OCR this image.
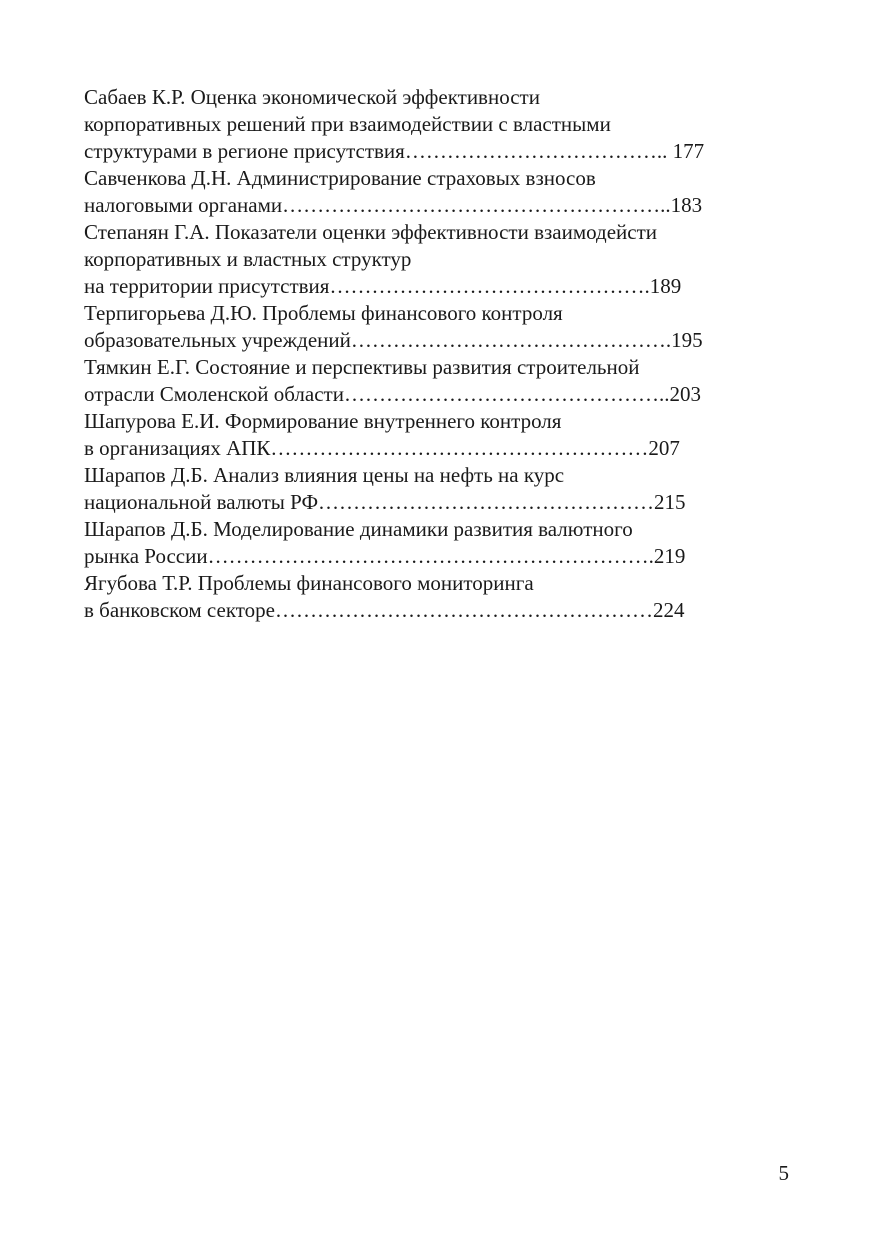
Сабаев К.Р. Оценка экономической эффективности
корпоративных решений при взаимодействии с властными
структурами в регионе присутствия……………………………….. 177
Савченкова Д.Н. Администрирование страховых взносов
налоговыми органами………………………………………………..183
Степанян Г.А. Показатели оценки эффективности взаимодейсти
корпоративных и властных структур
на территории присутствия……………………………………….189
Терпигорьева Д.Ю. Проблемы финансового контроля
образовательных учреждений……………………………………….195
Тямкин Е.Г. Состояние и перспективы развития строительной
отрасли Смоленской области………………………………………..203
Шапурова Е.И. Формирование внутреннего контроля
в организациях АПК………………………………………………207
Шарапов Д.Б. Анализ влияния цены на нефть на курс
национальной валюты РФ…………………………………………215
Шарапов Д.Б. Моделирование динамики развития валютного
рынка России……………………………………………………….219
Ягубова Т.Р. Проблемы финансового мониторинга
в банковском секторе………………………………………………224
5
